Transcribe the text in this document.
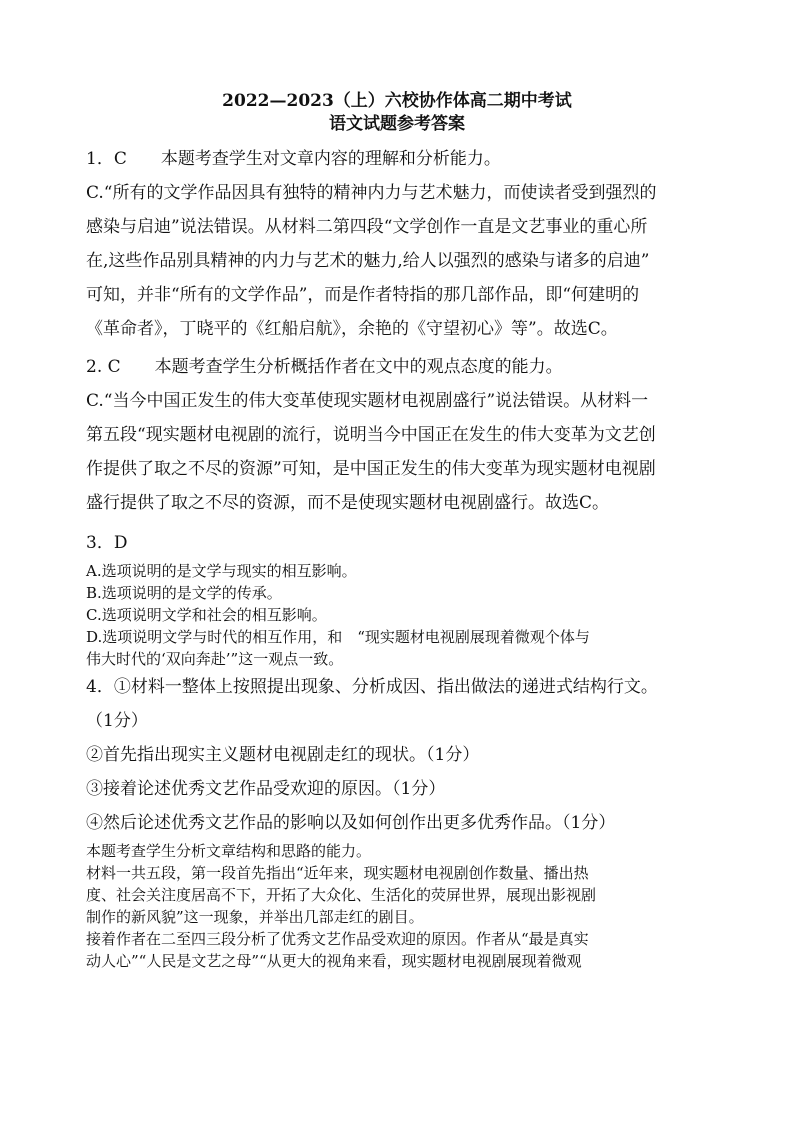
2022—2023（上）六校协作体高二期中考试
语文试题参考答案

1．C　　本题考查学生对文章内容的理解和分析能力。

C.“所有的文学作品因具有独特的精神内力与艺术魅力，而使读者受到强烈的

感染与启迪”说法错误。从材料二第四段“文学创作一直是文艺事业的重心所

在,这些作品别具精神的内力与艺术的魅力,给人以强烈的感染与诸多的启迪”

可知，并非“所有的文学作品”，而是作者特指的那几部作品，即“何建明的

《革命者》，丁晓平的《红船启航》，余艳的《守望初心》等”。故选C。

2. C　　本题考查学生分析概括作者在文中的观点态度的能力。

C.“当今中国正发生的伟大变革使现实题材电视剧盛行”说法错误。从材料一

第五段“现实题材电视剧的流行，说明当今中国正在发生的伟大变革为文艺创

作提供了取之不尽的资源”可知，是中国正发生的伟大变革为现实题材电视剧

盛行提供了取之不尽的资源，而不是使现实题材电视剧盛行。故选C。

3．D

A.选项说明的是文学与现实的相互影响。

B.选项说明的是文学的传承。

C.选项说明文学和社会的相互影响。

D.选项说明文学与时代的相互作用，和　“现实题材电视剧展现着微观个体与

伟大时代的‘双向奔赴’”这一观点一致。

4．①材料一整体上按照提出现象、分析成因、指出做法的递进式结构行文。

（1分）

②首先指出现实主义题材电视剧走红的现状。（1分）

③接着论述优秀文艺作品受欢迎的原因。（1分）

④然后论述优秀文艺作品的影响以及如何创作出更多优秀作品。（1分）

本题考查学生分析文章结构和思路的能力。

材料一共五段，第一段首先指出“近年来，现实题材电视剧创作数量、播出热

度、社会关注度居高不下，开拓了大众化、生活化的荧屏世界，展现出影视剧

制作的新风貌”这一现象，并举出几部走红的剧目。

接着作者在二至四三段分析了优秀文艺作品受欢迎的原因。作者从“最是真实

动人心”“人民是文艺之母”“从更大的视角来看，现实题材电视剧展现着微观
